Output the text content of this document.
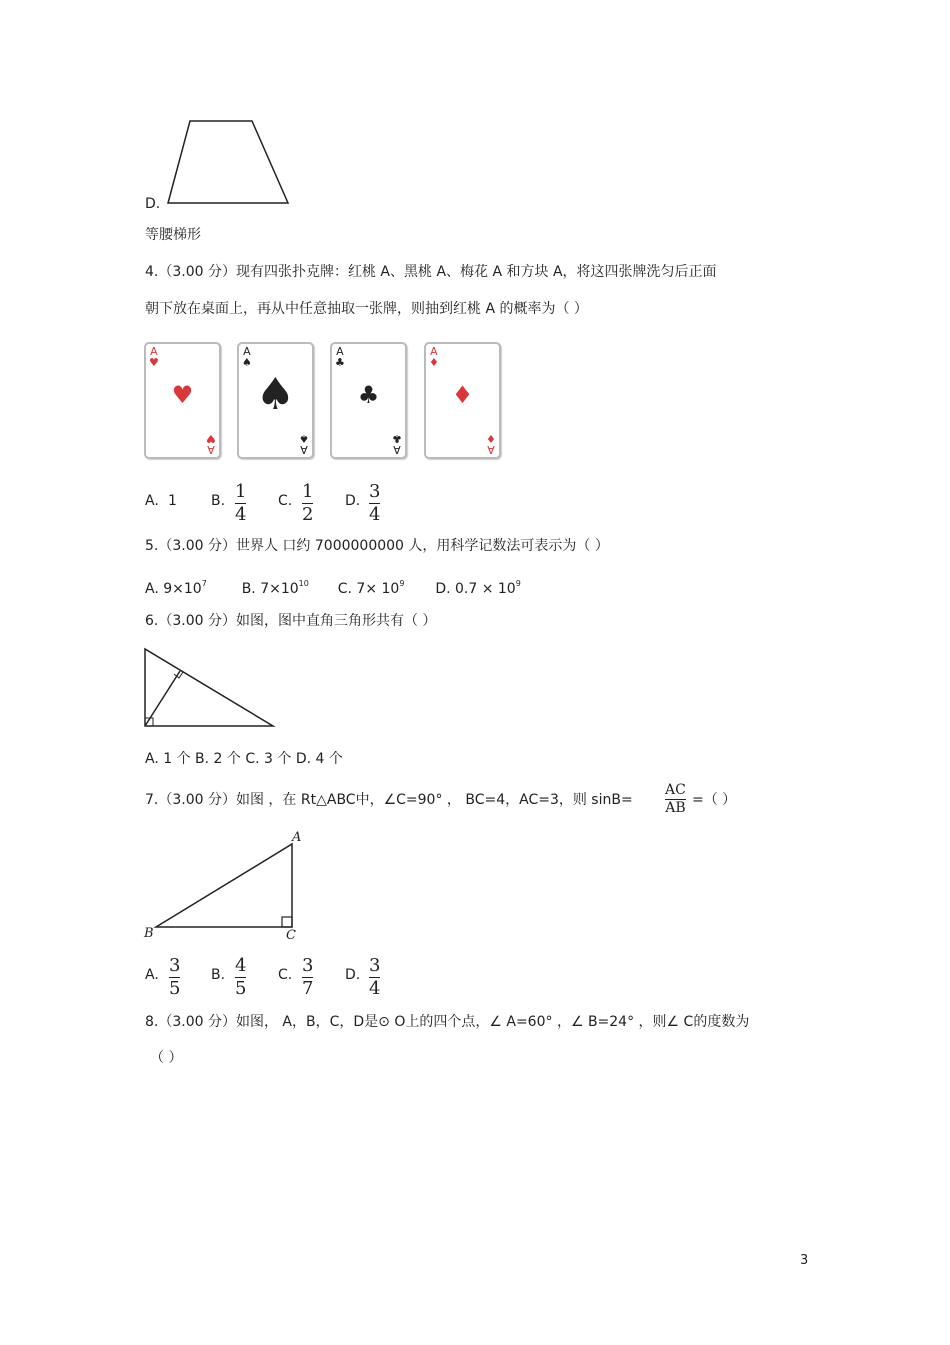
D.
等腰梯形
4.（3.00 分）现有四张扑克牌：红桃 A、黑桃 A、梅花 A 和方块 A，将这四张牌洗匀后正面
朝下放在桌面上，再从中任意抽取一张牌，则抽到红桃 A 的概率为（ ）
A
♥
♥
A
♥
A
♠
♠
A
♠
A
♣
♣
A
♣
A
♦
♦
A
♦
A. 1 B. 1
4
C. 1
2
D. 3
4
5.（3.00 分）世界人 口约 7000000000 人，用科学记数法可表示为（ ）
A. $9\times 10^7$ B. $7\times 10^{10}$ C. $7\times 10^9$ D. $0.7 \times 10^9$
6.（3.00 分）如图，图中直角三角形共有（ ）
A. 1 个 B. 2 个 C. 3 个 D. 4 个
7.（3.00 分）如图 ，在 Rt△ABC中，∠C=90° ， BC=4，AC=3，则 sinB=
AC
AB =（ ）
A
B	C
A. 3
5
B. 4
5
C. 3
7
D. 3
4
8.（3.00 分）如图， A，B，C，D是⊙ O上的四个点，∠ A=60° ，∠ B=24° ，则∠ C的度数为
（ ）
3
